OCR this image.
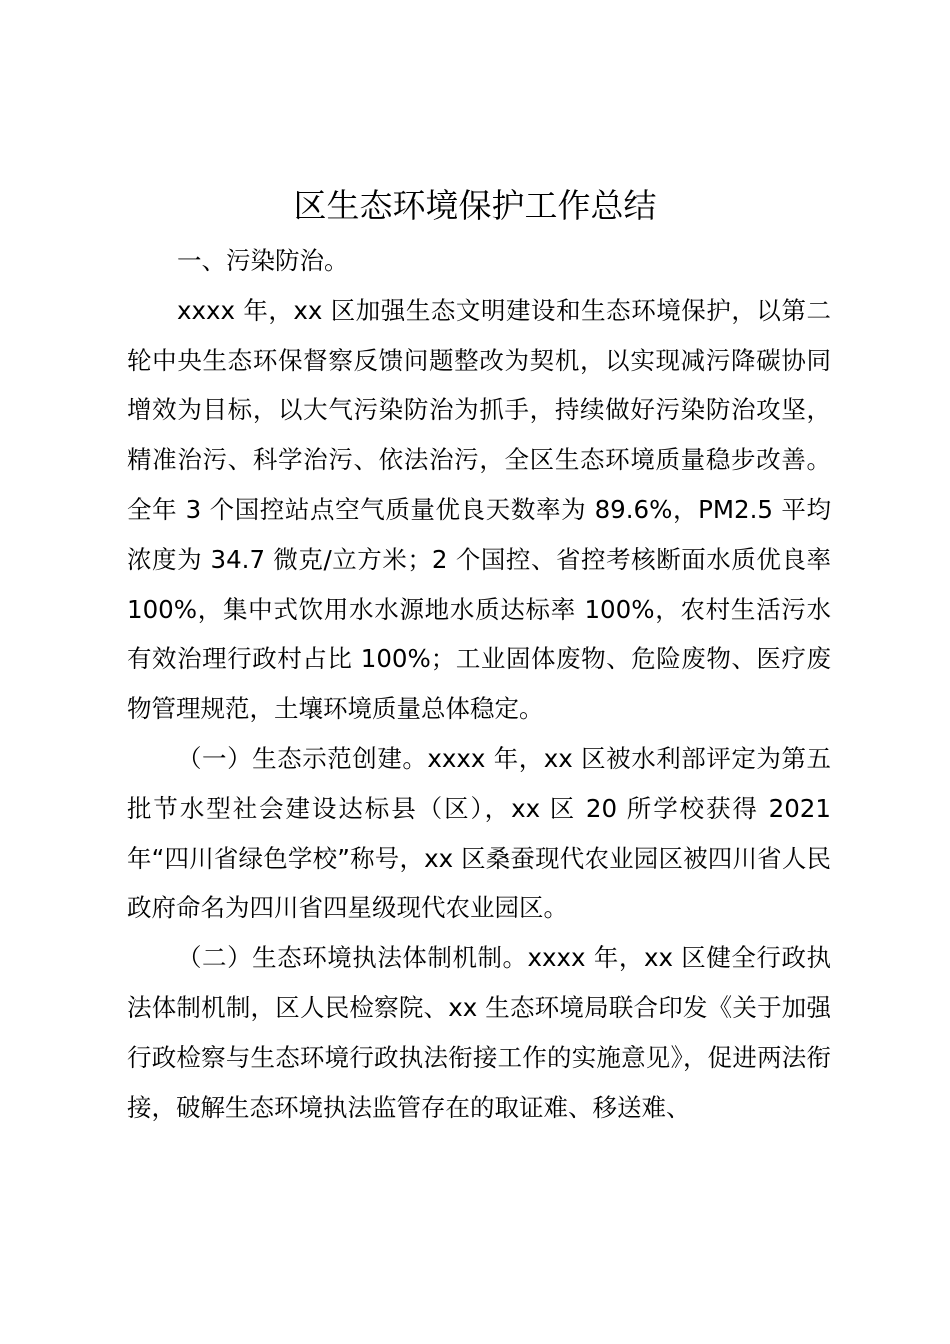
区生态环境保护工作总结

一、污染防治。

xxxx 年，xx 区加强生态文明建设和生态环境保护，以第二轮中央生态环保督察反馈问题整改为契机，以实现减污降碳协同增效为目标，以大气污染防治为抓手，持续做好污染防治攻坚，精准治污、科学治污、依法治污，全区生态环境质量稳步改善。全年 3 个国控站点空气质量优良天数率为 89.6%，PM2.5 平均浓度为 34.7 微克/立方米；2 个国控、省控考核断面水质优良率 100%，集中式饮用水水源地水质达标率 100%，农村生活污水有效治理行政村占比 100%；工业固体废物、危险废物、医疗废物管理规范，土壤环境质量总体稳定。

（一）生态示范创建。xxxx 年，xx 区被水利部评定为第五批节水型社会建设达标县（区），xx 区 20 所学校获得 2021 年“四川省绿色学校”称号，xx 区桑蚕现代农业园区被四川省人民政府命名为四川省四星级现代农业园区。

（二）生态环境执法体制机制。xxxx 年，xx 区健全行政执法体制机制，区人民检察院、xx 生态环境局联合印发《关于加强行政检察与生态环境行政执法衔接工作的实施意见》，促进两法衔接，破解生态环境执法监管存在的取证难、移送难、
